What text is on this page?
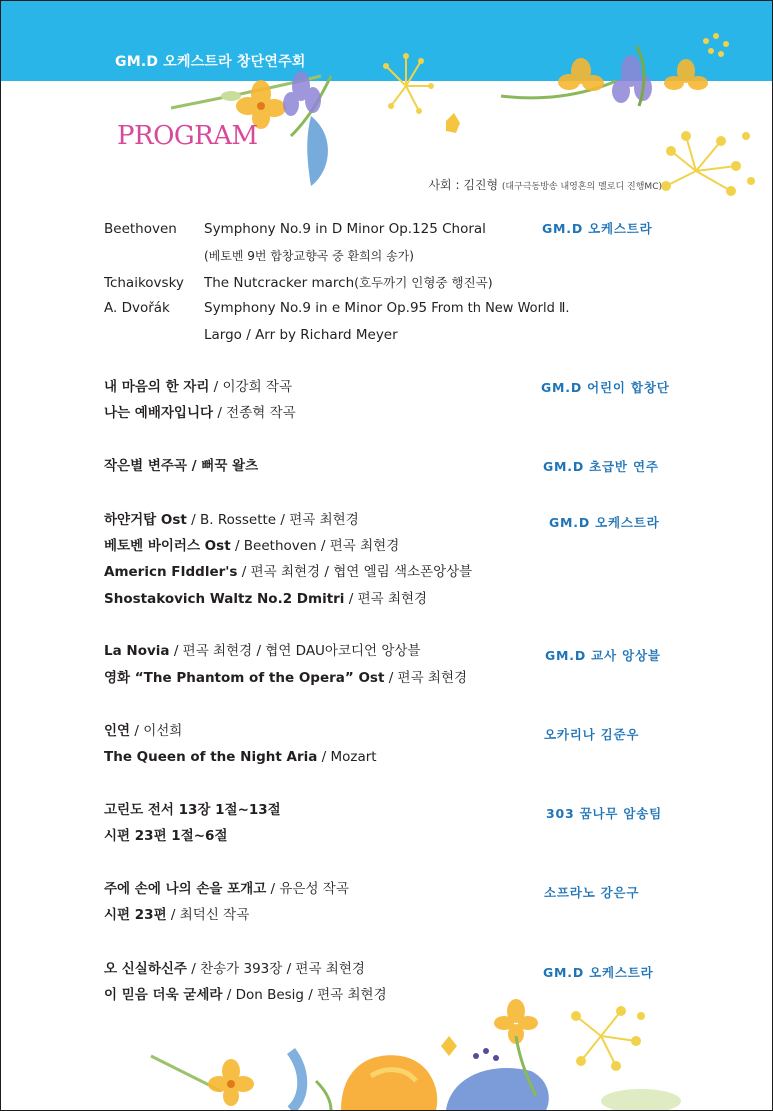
GM.D 오케스트라 창단연주회
PROGRAM
사회 : 김진형 (대구극동방송 내영혼의 멜로디 진행MC)
GM.D 오케스트라
Beethoven Symphony No.9 in D Minor Op.125 Choral
(베토벤 9번 합창교향곡 중 환희의 송가)
Tchaikovsky The Nutcracker march(호두까기 인형중 행진곡)
A. Dvořák	Symphony No.9 in e Minor Op.95 From th New World Ⅱ.
Largo / Arr by Richard Meyer
GM.D 어린이 합창단
내 마음의 한 자리 / 이강희 작곡
나는 예배자입니다 / 전종혁 작곡
GM.D 초급반 연주
작은별 변주곡 / 뻐꾹 왈츠
GM.D 오케스트라
하얀거탑 Ost / B. Rossette / 편곡 최현경
베토벤 바이러스 Ost / Beethoven / 편곡 최현경
Americn FIddler's / 편곡 최현경 / 협연 엘림 색소폰앙상블
Shostakovich Waltz No.2 Dmitri / 편곡 최현경
GM.D 교사 앙상블
La Novia / 편곡 최현경 / 협연 DAU아코디언 앙상블
영화 “The Phantom of the Opera” Ost / 편곡 최현경
오카리나 김준우
인연 / 이선희
The Queen of the Night Aria / Mozart
303 꿈나무 암송팀
고린도 전서 13장 1절~13절
시편 23편 1절~6절
소프라노 강은구
주에 손에 나의 손을 포개고 / 유은성 작곡
시편 23편 / 최덕신 작곡
GM.D 오케스트라
오 신실하신주 / 찬송가 393장 / 편곡 최현경
이 믿음 더욱 굳세라 / Don Besig / 편곡 최현경
